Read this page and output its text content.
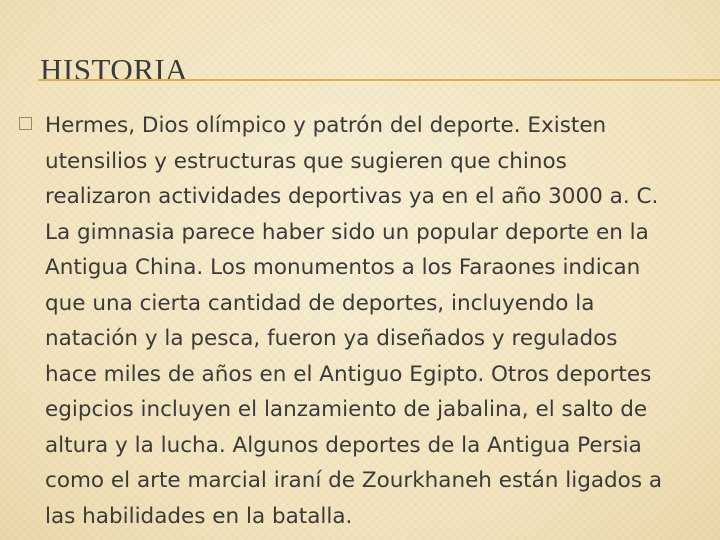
HISTORIA

Hermes, Dios olímpico y patrón del deporte. Existen
utensilios y estructuras que sugieren que chinos
realizaron actividades deportivas ya en el año 3000 a. C.
La gimnasia parece haber sido un popular deporte en la
Antigua China. Los monumentos a los Faraones indican
que una cierta cantidad de deportes, incluyendo la
natación y la pesca, fueron ya diseñados y regulados
hace miles de años en el Antiguo Egipto. Otros deportes
egipcios incluyen el lanzamiento de jabalina, el salto de
altura y la lucha. Algunos deportes de la Antigua Persia
como el arte marcial iraní de Zourkhaneh están ligados a
las habilidades en la batalla.
